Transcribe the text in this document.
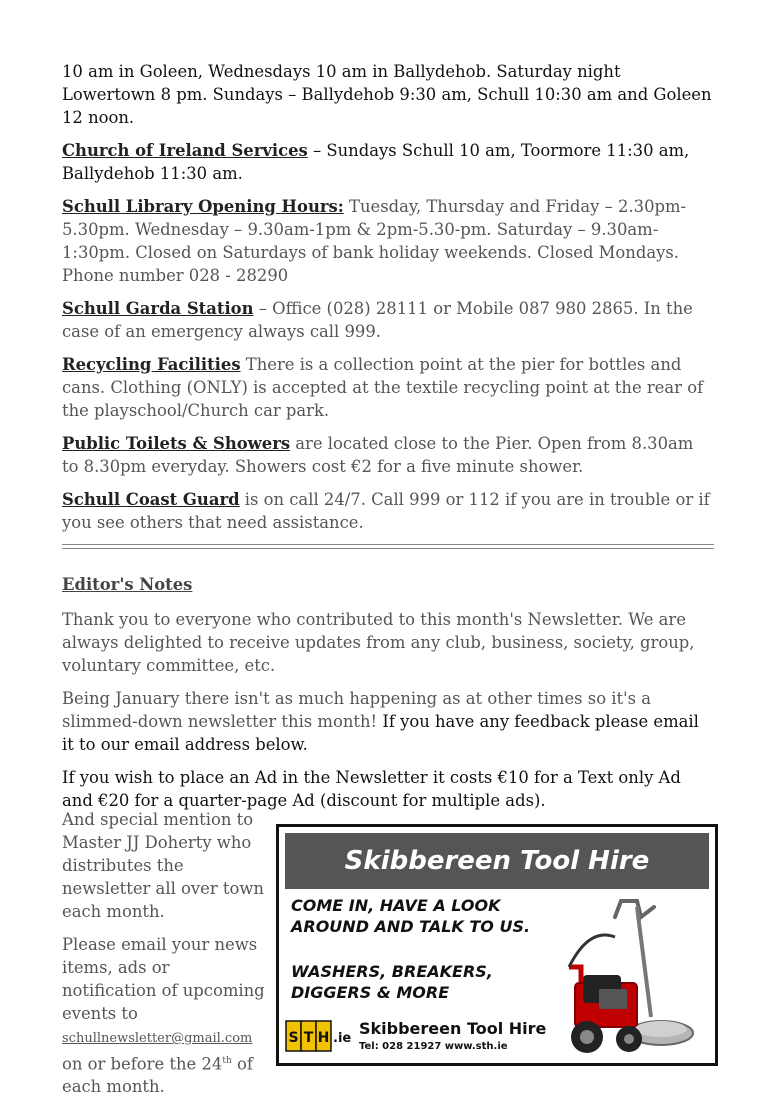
10 am in Goleen, Wednesdays 10 am in Ballydehob. Saturday night Lowertown 8 pm. Sundays – Ballydehob 9:30 am, Schull 10:30 am and Goleen 12 noon.

Church of Ireland Services – Sundays Schull 10 am, Toormore 11:30 am, Ballydehob 11:30 am.

Schull Library Opening Hours: Tuesday, Thursday and Friday – 2.30pm-5.30pm. Wednesday – 9.30am-1pm & 2pm-5.30-pm. Saturday – 9.30am-1:30pm. Closed on Saturdays of bank holiday weekends. Closed Mondays. Phone number 028 - 28290

Schull Garda Station – Office (028) 28111 or Mobile 087 980 2865. In the case of an emergency always call 999.

Recycling Facilities There is a collection point at the pier for bottles and cans. Clothing (ONLY) is accepted at the textile recycling point at the rear of the playschool/Church car park.

Public Toilets & Showers are located close to the Pier. Open from 8.30am to 8.30pm everyday. Showers cost €2 for a five minute shower.

Schull Coast Guard is on call 24/7. Call 999 or 112 if you are in trouble or if you see others that need assistance.

Editor's Notes

Thank you to everyone who contributed to this month's Newsletter. We are always delighted to receive updates from any club, business, society, group, voluntary committee, etc.

Being January there isn't as much happening as at other times so it's a slimmed-down newsletter this month! If you have any feedback please email it to our email address below.

If you wish to place an Ad in the Newsletter it costs €10 for a Text only Ad and €20 for a quarter-page Ad (discount for multiple ads).

And special mention to Master JJ Doherty who distributes the newsletter all over town each month.

Please email your news items, ads or notification of upcoming events to schullnewsletter@gmail.com on or before the 24th of each month.

Skibbereen Tool Hire
COME IN, HAVE A LOOK
AROUND AND TALK TO US.
WASHERS, BREAKERS,
DIGGERS & MORE
S T H .ie
Skibbereen Tool Hire
Tel: 028 21927 www.sth.ie
